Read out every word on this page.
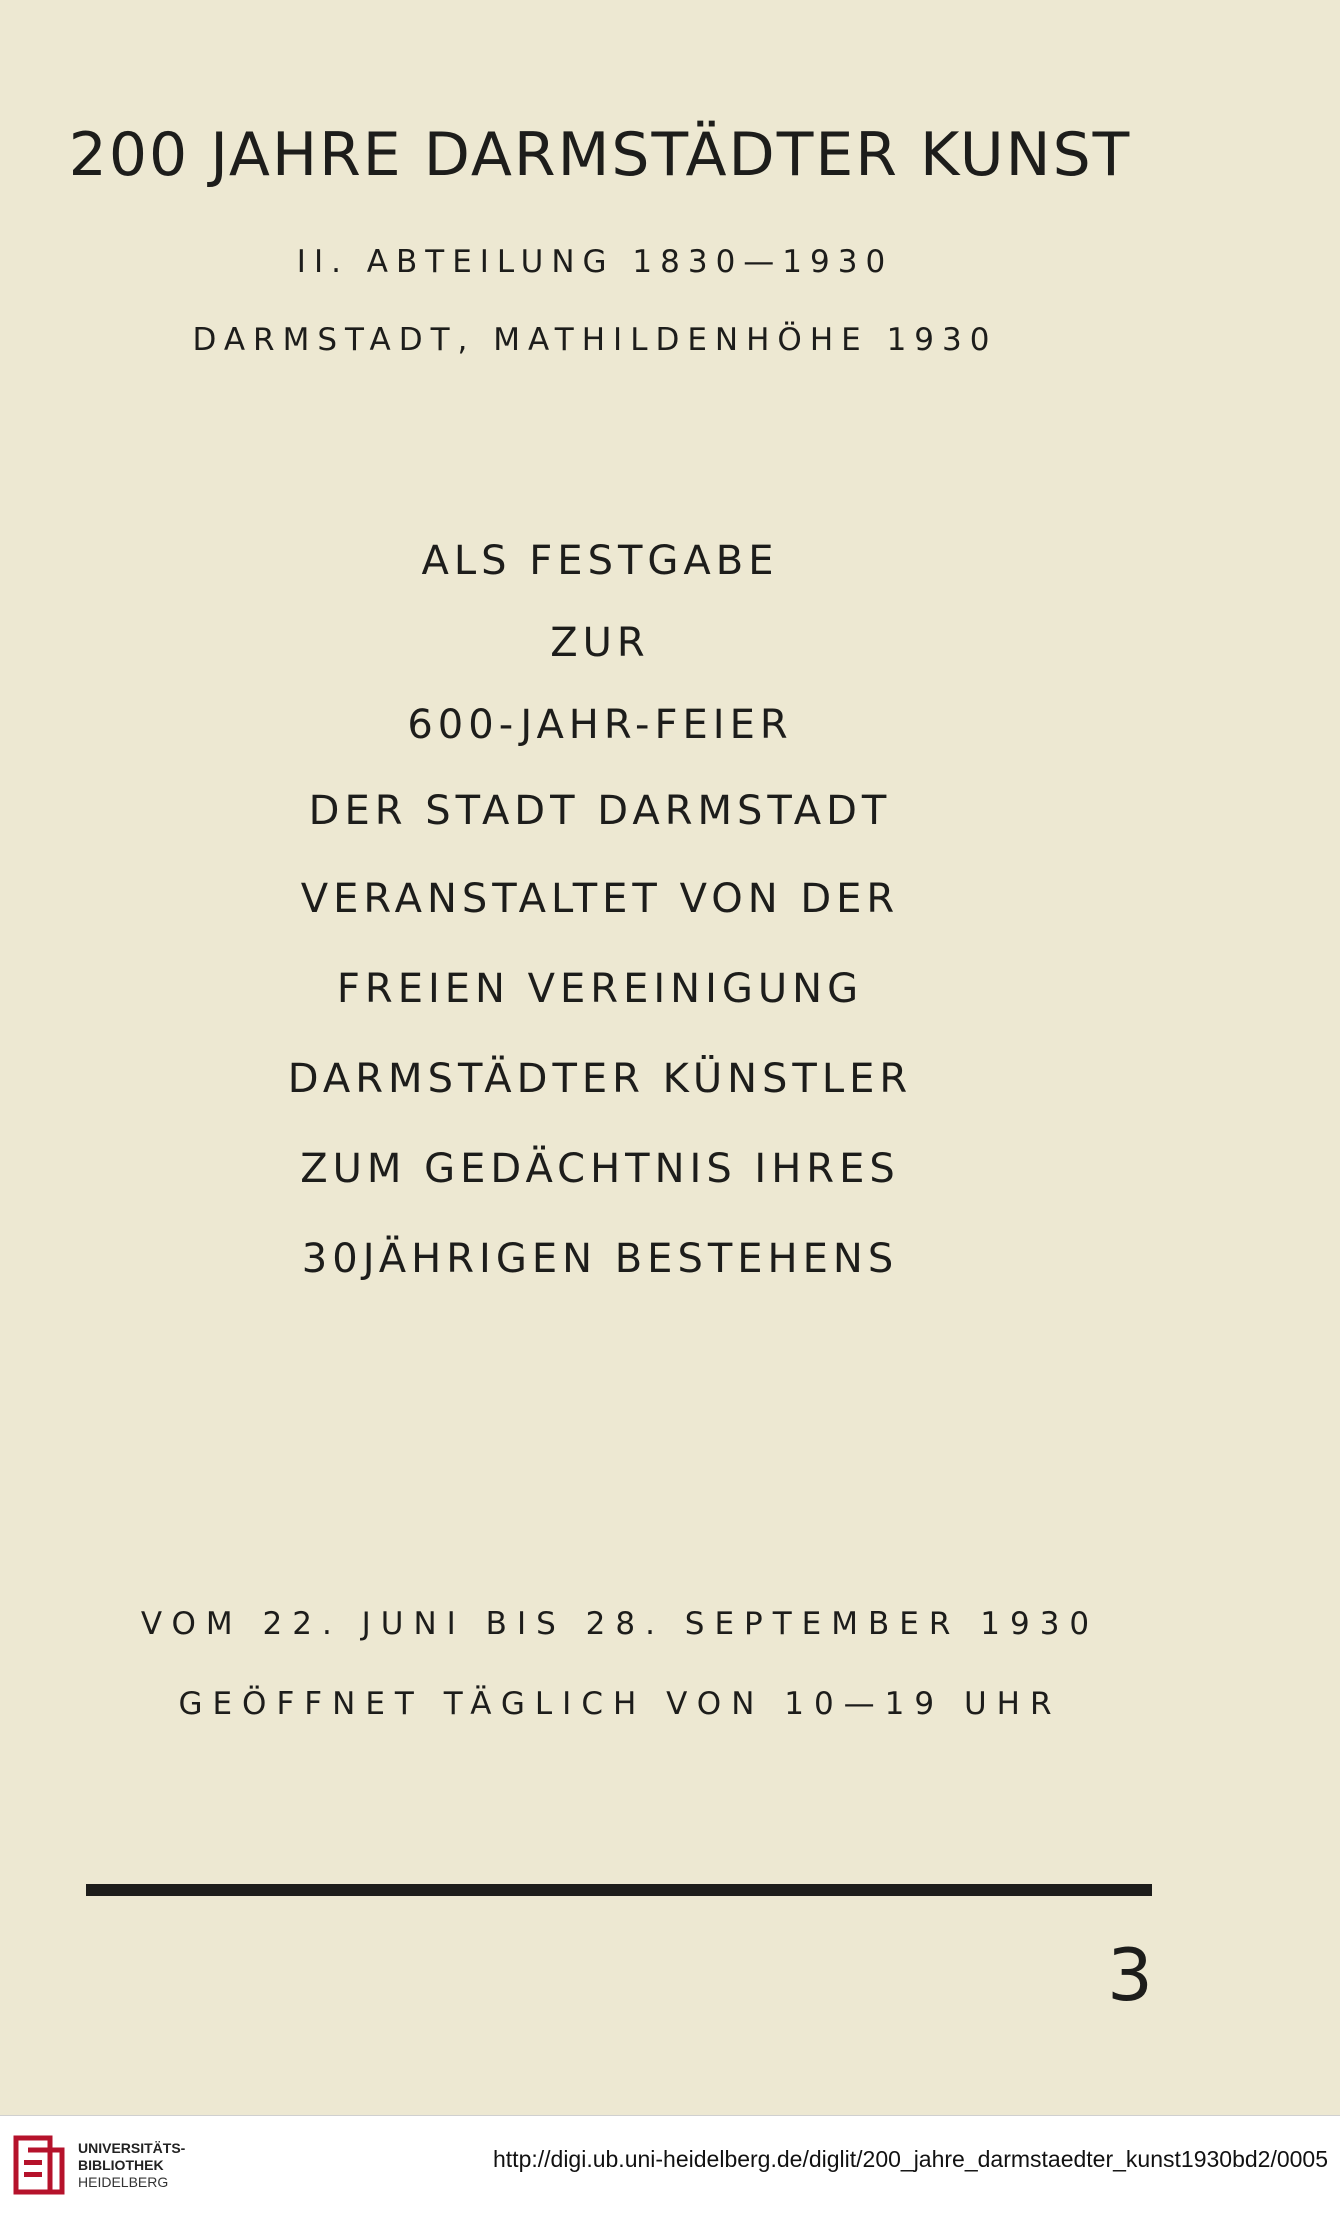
200 JAHRE DARMSTÄDTER KUNST
II. ABTEILUNG 1830—1930
DARMSTADT, MATHILDENHÖHE 1930
ALS FESTGABE
ZUR
600-JAHR-FEIER
DER STADT DARMSTADT
VERANSTALTET VON DER
FREIEN VEREINIGUNG
DARMSTÄDTER KÜNSTLER
ZUM GEDÄCHTNIS IHRES
30JÄHRIGEN BESTEHENS
VOM 22. JUNI BIS 28. SEPTEMBER 1930
GEÖFFNET TÄGLICH VON 10—19 UHR
3
UNIVERSITÄTS-
BIBLIOTHEK
HEIDELBERG
http://digi.ub.uni-heidelberg.de/diglit/200_jahre_darmstaedter_kunst1930bd2/0005
